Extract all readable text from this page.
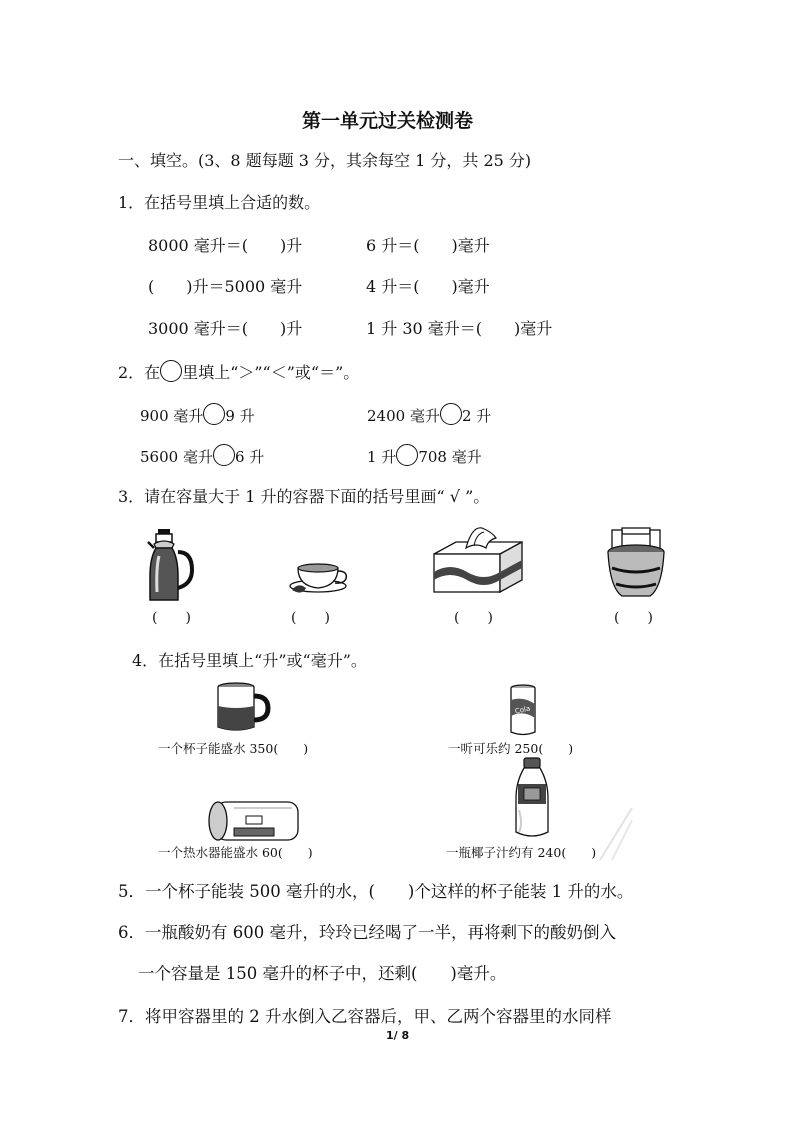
第一单元过关检测卷
一、填空。(3、8 题每题 3 分，其余每空 1 分，共 25 分)
1．在括号里填上合适的数。
8000 毫升＝(　　)升	6 升＝(　　)毫升
(　　)升＝5000 毫升	4 升＝(　　)毫升
3000 毫升＝(　　)升	1 升 30 毫升＝(　　)毫升
2．在 里填上“＞”“＜”或“＝”。
900 毫升 9 升	2400 毫升 2 升
5600 毫升 6 升	1 升 708 毫升
3．请在容量大于 1 升的容器下面的括号里画“ √ ”。
(　　)	(　　)	(　　)	(　　)
4．在括号里填上“升”或“毫升”。
Cola
一个杯子能盛水 350(　　)	一听可乐约 250(　　)
一个热水器能盛水 60(　　)	一瓶椰子汁约有 240(　　)
5．一个杯子能装 500 毫升的水，(　　)个这样的杯子能装 1 升的水。
6．一瓶酸奶有 600 毫升，玲玲已经喝了一半，再将剩下的酸奶倒入
一个容量是 150 毫升的杯子中，还剩(　　)毫升。
7．将甲容器里的 2 升水倒入乙容器后，甲、乙两个容器里的水同样
1/ 8
